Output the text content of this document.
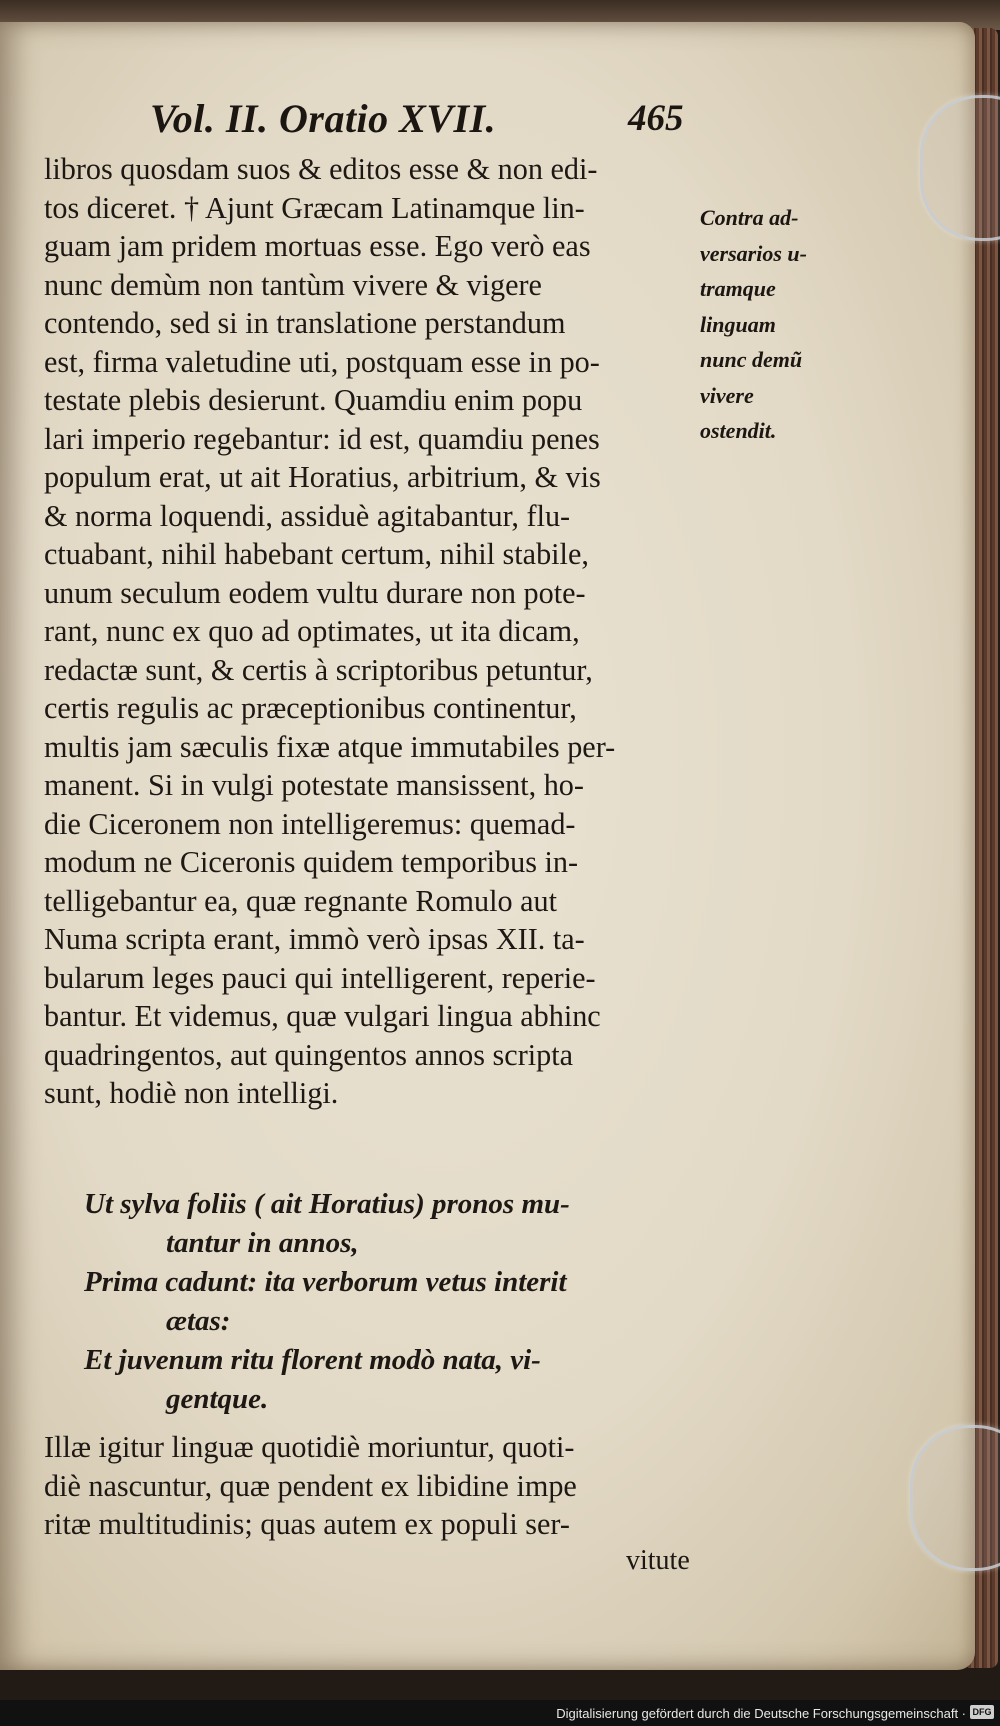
Vol. II. Oratio XVII.	465
libros quosdam suos & editos esse & non edi-
tos diceret. † Ajunt Græcam Latinamque lin-
guam jam pridem mortuas esse. Ego verò eas
nunc demùm non tantùm vivere & vigere
contendo, sed si in translatione perstandum
est, firma valetudine uti, postquam esse in po-
testate plebis desierunt. Quamdiu enim popu
lari imperio regebantur: id est, quamdiu penes
populum erat, ut ait Horatius, arbitrium, & vis
& norma loquendi, assiduè agitabantur, flu-
ctuabant, nihil habebant certum, nihil stabile,
unum seculum eodem vultu durare non pote-
rant, nunc ex quo ad optimates, ut ita dicam,
redactæ sunt, & certis à scriptoribus petuntur,
certis regulis ac præceptionibus continentur,
multis jam sæculis fixæ atque immutabiles per-
manent. Si in vulgi potestate mansissent, ho-
die Ciceronem non intelligeremus: quemad-
modum ne Ciceronis quidem temporibus in-
telligebantur ea, quæ regnante Romulo aut
Numa scripta erant, immò verò ipsas XII. ta-
bularum leges pauci qui intelligerent, reperie-
bantur. Et videmus, quæ vulgari lingua abhinc
quadringentos, aut quingentos annos scripta
sunt, hodiè non intelligi.
Ut sylva foliis ( ait Horatius) pronos mu-
tantur in annos,
Prima cadunt: ita verborum vetus interit
ætas:
Et juvenum ritu florent modò nata, vi-
gentque.
Illæ igitur linguæ quotidiè moriuntur, quoti-
diè nascuntur, quæ pendent ex libidine impe
ritæ multitudinis; quas autem ex populi ser-
vitute
Contra ad-
versarios u-
tramque
linguam
nunc demũ
vivere
ostendit.
Digitalisierung gefördert durch die Deutsche Forschungsgemeinschaft · DFG
